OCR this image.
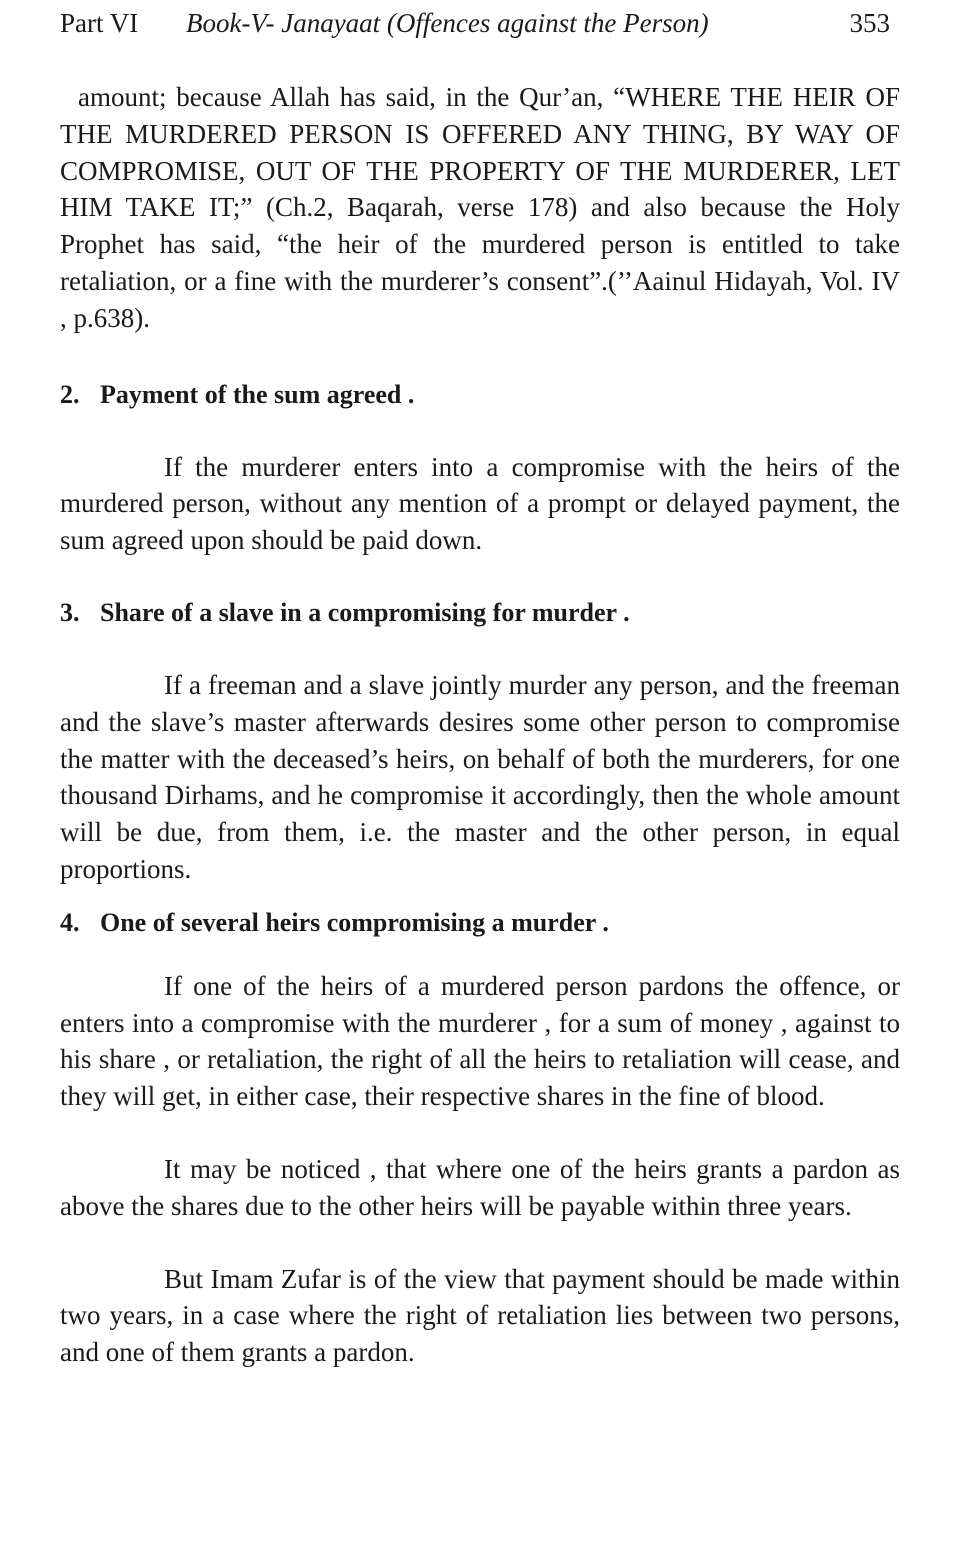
Part VI Book-V- Janayaat (Offences against the Person)	353

amount; because Allah has said, in the Qur’an, “WHERE THE HEIR OF THE MURDERED PERSON IS OFFERED ANY THING, BY WAY OF COMPROMISE, OUT OF THE PROPERTY OF THE MURDERER, LET HIM TAKE IT;” (Ch.2, Baqarah, verse 178) and also because the Holy Prophet has said, “the heir of the murdered person is entitled to take retaliation, or a fine with the murderer’s consent”.(’’Aainul Hidayah, Vol. IV , p.638).

2. Payment of the sum agreed .

If the murderer enters into a compromise with the heirs of the murdered person, without any mention of a prompt or delayed payment, the sum agreed upon should be paid down.

3. Share of a slave in a compromising for murder .

If a freeman and a slave jointly murder any person, and the freeman and the slave’s master afterwards desires some other person to compromise the matter with the deceased’s heirs, on behalf of both the murderers, for one thousand Dirhams, and he compromise it accordingly, then the whole amount will be due, from them, i.e. the master and the other person, in equal proportions.

4. One of several heirs compromising a murder .

If one of the heirs of a murdered person pardons the offence, or enters into a compromise with the murderer , for a sum of money , against to his share , or retaliation, the right of all the heirs to retaliation will cease, and they will get, in either case, their respective shares in the fine of blood.

It may be noticed , that where one of the heirs grants a pardon as above the shares due to the other heirs will be payable within three years.

But Imam Zufar is of the view that payment should be made within two years, in a case where the right of retaliation lies between two persons, and one of them grants a pardon.
